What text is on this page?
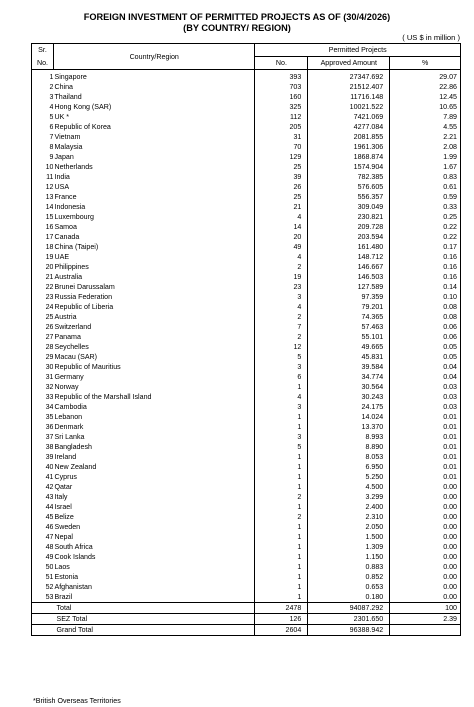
FOREIGN INVESTMENT OF PERMITTED PROJECTS AS OF (30/4/2026)
(BY COUNTRY/ REGION)
( US $ in million )
Sr.	Country/Region	Permitted Projects		
No.		No.	Approved Amount	%
1	Singapore	393	27347.692	29.07
2	China	703	21512.407	22.86
3	Thailand	160	11716.148	12.45
4	Hong Kong (SAR)	325	10021.522	10.65
5	UK *	112	7421.069	7.89
6	Republic of Korea	205	4277.084	4.55
7	Vietnam	31	2081.855	2.21
8	Malaysia	70	1961.306	2.08
9	Japan	129	1868.874	1.99
10	Netherlands	25	1574.904	1.67
11	India	39	782.385	0.83
12	USA	26	576.605	0.61
13	France	25	556.357	0.59
14	Indonesia	21	309.049	0.33
15	Luxembourg	4	230.821	0.25
16	Samoa	14	209.728	0.22
17	Canada	20	203.594	0.22
18	China (Taipei)	49	161.480	0.17
19	UAE	4	148.712	0.16
20	Philippines	2	146.667	0.16
21	Australia	19	146.503	0.16
22	Brunei Darussalam	23	127.589	0.14
23	Russia Federation	3	97.359	0.10
24	Republic of Liberia	4	79.201	0.08
25	Austria	2	74.365	0.08
26	Switzerland	7	57.463	0.06
27	Panama	2	55.101	0.06
28	Seychelles	12	49.665	0.05
29	Macau (SAR)	5	45.831	0.05
30	Republic of Mauritius	3	39.584	0.04
31	Germany	6	34.774	0.04
32	Norway	1	30.564	0.03
33	Republic of the Marshall Island	4	30.243	0.03
34	Cambodia	3	24.175	0.03
35	Lebanon	1	14.024	0.01
36	Denmark	1	13.370	0.01
37	Sri Lanka	3	8.993	0.01
38	Bangladesh	5	8.890	0.01
39	Ireland	1	8.053	0.01
40	New Zealand	1	6.950	0.01
41	Cyprus	1	5.250	0.01
42	Qatar	1	4.500	0.00
43	Italy	2	3.299	0.00
44	Israel	1	2.400	0.00
45	Belize	2	2.310	0.00
46	Sweden	1	2.050	0.00
47	Nepal	1	1.500	0.00
48	South Africa	1	1.309	0.00
49	Cook Islands	1	1.150	0.00
50	Laos	1	0.883	0.00
51	Estonia	1	0.852	0.00
52	Afghanistan	1	0.653	0.00
53	Brazil	1	0.180	0.00
	Total	2478	94087.292	100
	SEZ Total	126	2301.650	2.39
	Grand Total	2604	96388.942	
*British Overseas Territories
